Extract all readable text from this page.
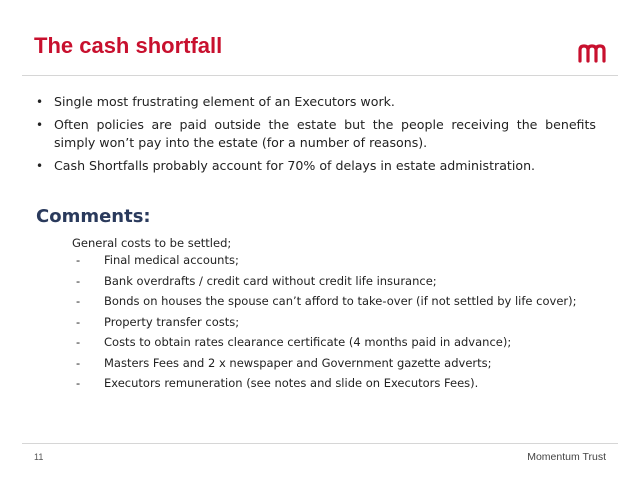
The cash shortfall
• Single most frustrating element of an Executors work.
• Often policies are paid outside the estate but the people receiving the benefits simply won’t pay into the estate (for a number of reasons).
• Cash Shortfalls probably account for 70% of delays in estate administration.
Comments:
General costs to be settled;
- Final medical accounts;
- Bank overdrafts / credit card without credit life insurance;
- Bonds on houses the spouse can’t afford to take-over (if not settled by life cover);
- Property transfer costs;
- Costs to obtain rates clearance certificate (4 months paid in advance);
- Masters Fees and 2 x newspaper and Government gazette adverts;
- Executors remuneration (see notes and slide on Executors Fees).
11	Momentum Trust
